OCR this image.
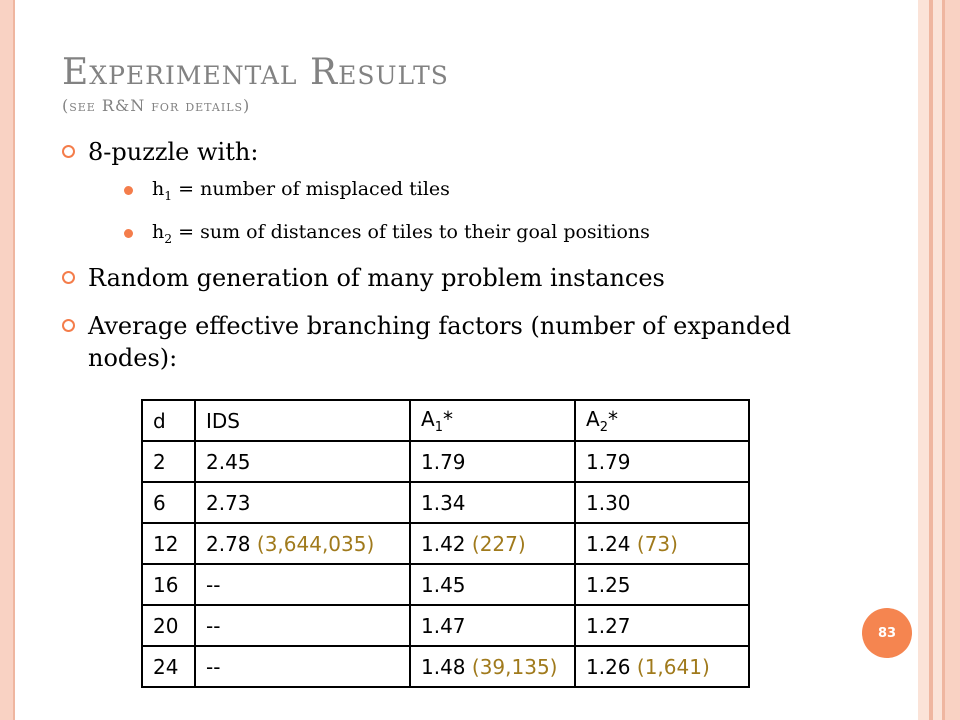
Experimental Results
(see R&N for details)
8-puzzle with:
$h_1$ = number of misplaced tiles
$h_2$ = sum of distances of tiles to their goal positions
Random generation of many problem instances
Average effective branching factors (number of expanded nodes):
d	IDS	$A_1*$	$A_2*$
2	2.45	1.79	1.79
6	2.73	1.34	1.30
12	2.78 (3,644,035)	1.42 (227)	1.24 (73)
16	--	1.45	1.25
20	--	1.47	1.27
24	--	1.48 (39,135)	1.26 (1,641)
83
